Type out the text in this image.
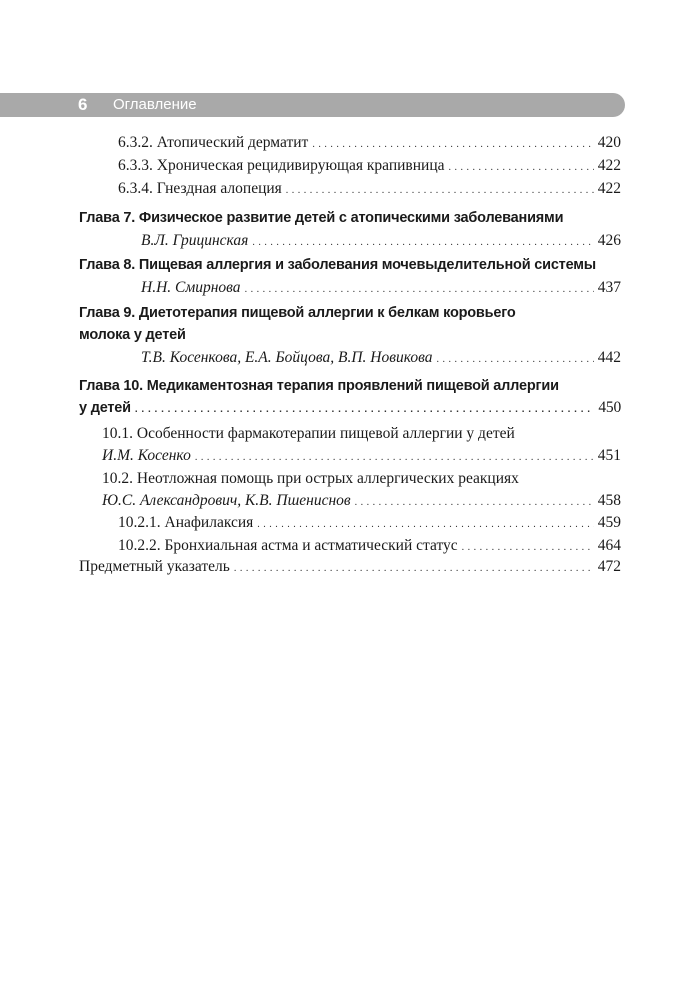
6 Оглавление
6.3.2. Атопический дерматит . . .	420
6.3.3. Хроническая рецидивирующая крапивница . . .	422
6.3.4. Гнездная алопеция . . .	422
Глава 7. Физическое развитие детей с атопическими заболеваниями
В.Л. Грицинская . . .	426
Глава 8. Пищевая аллергия и заболевания мочевыделительной системы
Н.Н. Смирнова . . .	437
Глава 9. Диетотерапия пищевой аллергии к белкам коровьего
молока у детей
Т.В. Косенкова, Е.А. Бойцова, В.П. Новикова . . .	442
Глава 10. Медикаментозная терапия проявлений пищевой аллергии
у детей . . .	450
10.1. Особенности фармакотерапии пищевой аллергии у детей
И.М. Косенко . . .	451
10.2. Неотложная помощь при острых аллергических реакциях
Ю.С. Александрович, К.В. Пшениснов . . .	458
10.2.1. Анафилаксия . . .	459
10.2.2. Бронхиальная астма и астматический статус . . .	464
Предметный указатель . . .	472
